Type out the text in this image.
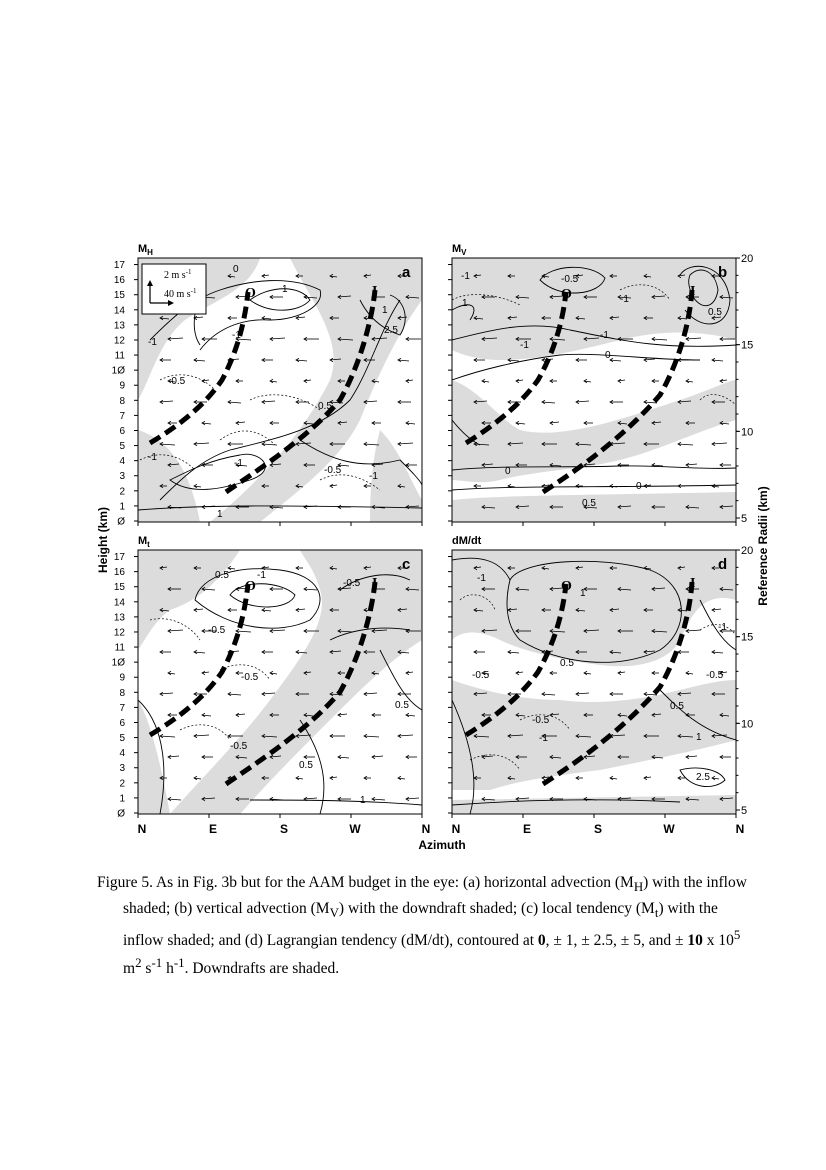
O	I
a
$M_H$
0
1
1
2.5
-1
-0.5
0.5
-1
-1
-0.5
-1
-1
1
2 m $s^{-1}$
40 m $s^{-1}$	O	I
b
$M_V$
-1	-0.5
-1
1
0.5
-1
-1
0
0
0
0.5
O	I
c
$M_t$
0.5	-1
-0.5
-0.5
-0.5
-0.5
0.5
0.5
1
O	I
d
dM/dt
-1
1
0.5
-0.5
-0.5
-1
0.5
1
-1
-0.5
2.5
Ø
1
2
3
4
5
6
7
8
9
1Ø
11
12
13
14
15
16
17
Ø
1
2
3
4
5
6
7
8
9
1Ø
11
12
13
14
15
16
17
Height (km)
20
15
10
5
20
15
10
5
Reference Radii (km)
N	E	S	W	N N	E	S	W	N
Azimuth

Figure 5. As in Fig. 3b but for the AAM budget in the eye: (a) horizontal advection $(M_H)$ with the inflow shaded; (b) vertical advection $(M_V)$ with the downdraft shaded; (c) local tendency $(M_t)$ with the inflow shaded; and (d) Lagrangian tendency (dM/dt), contoured at 0, ± 1, ± 2.5, ± 5, and ± 10 x $10^5$ $m^2$ $s^{-1}$ $h^{-1}$. Downdrafts are shaded.
